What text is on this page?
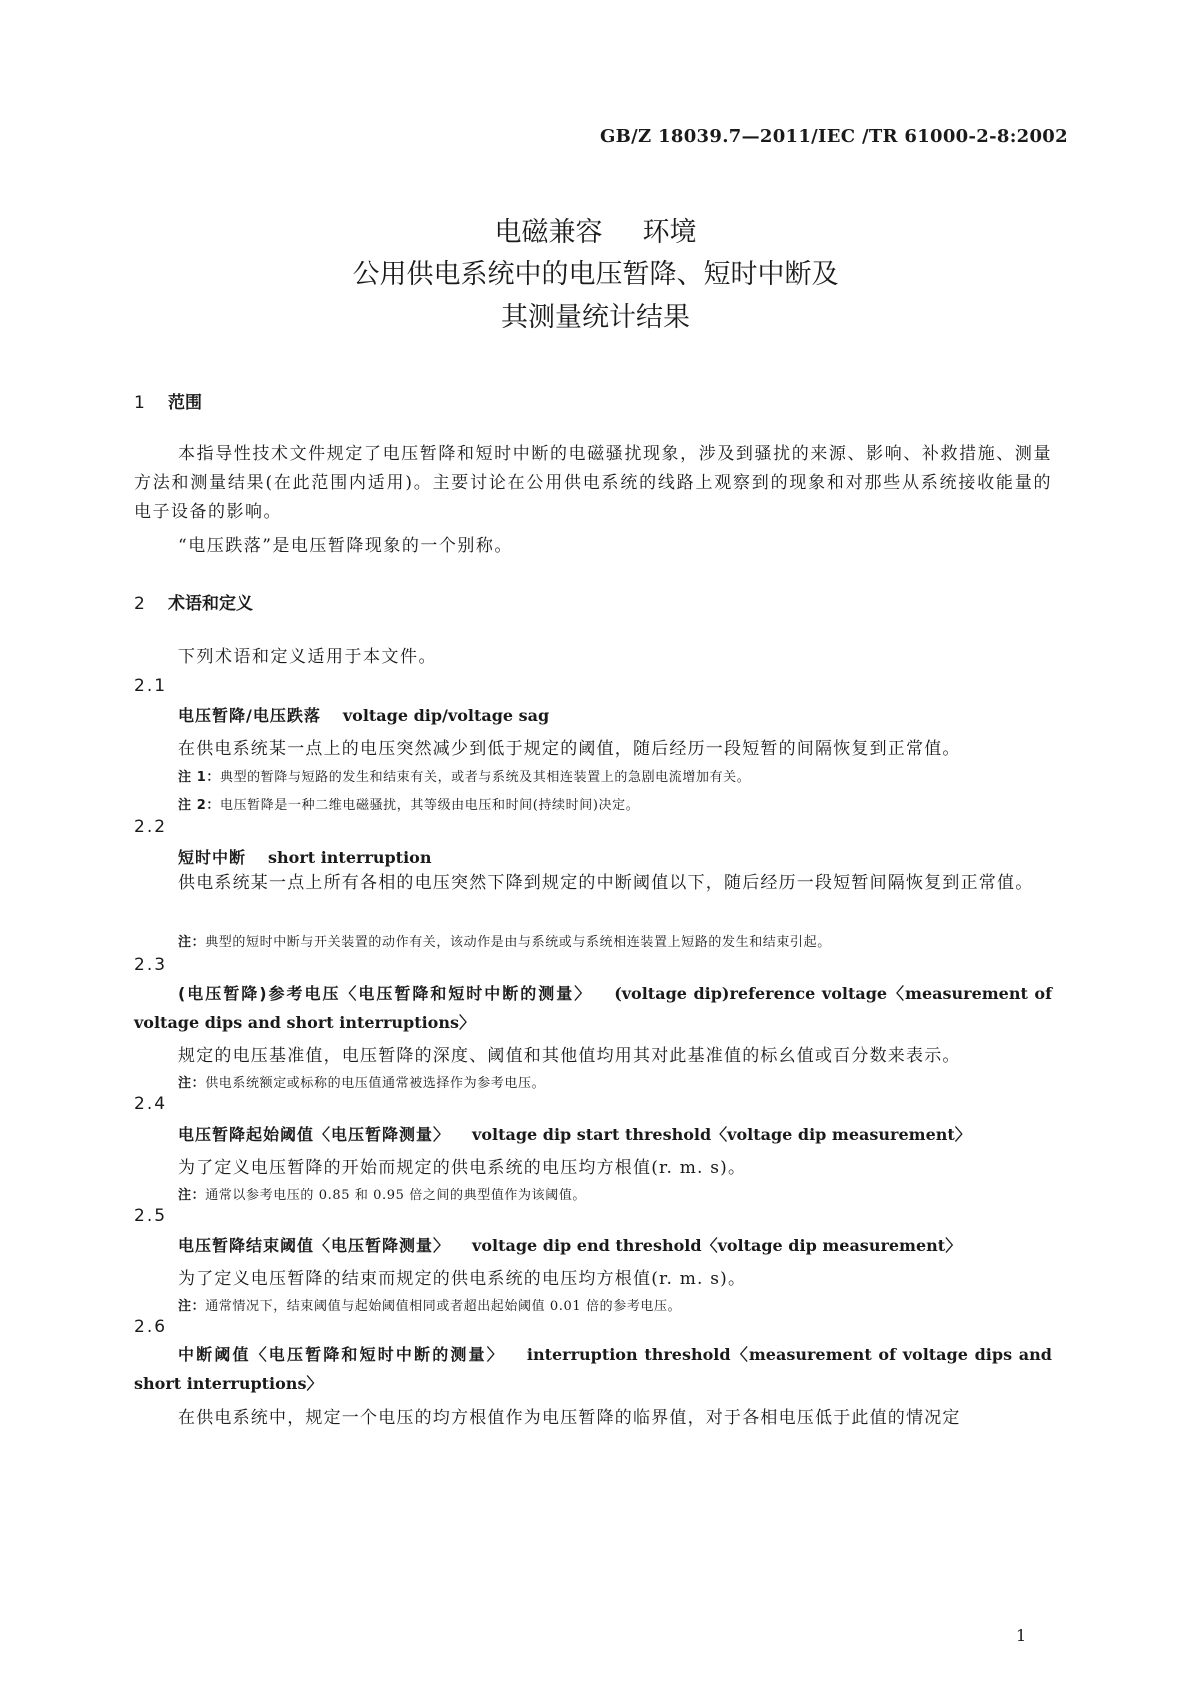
GB/Z 18039.7—2011/IEC /TR 61000-2-8:2002
电磁兼容 环境
公用供电系统中的电压暂降、短时中断及
其测量统计结果
1 范围
本指导性技术文件规定了电压暂降和短时中断的电磁骚扰现象，涉及到骚扰的来源、影响、补救措施、测量方法和测量结果(在此范围内适用)。主要讨论在公用供电系统的线路上观察到的现象和对那些从系统接收能量的电子设备的影响。
“电压跌落”是电压暂降现象的一个别称。
2 术语和定义
下列术语和定义适用于本文件。
2.1
电压暂降/电压跌落 voltage dip/voltage sag
在供电系统某一点上的电压突然减少到低于规定的阈值，随后经历一段短暂的间隔恢复到正常值。
注 1：典型的暂降与短路的发生和结束有关，或者与系统及其相连装置上的急剧电流增加有关。
注 2：电压暂降是一种二维电磁骚扰，其等级由电压和时间(持续时间)决定。
2.2
短时中断 short interruption
供电系统某一点上所有各相的电压突然下降到规定的中断阈值以下，随后经历一段短暂间隔恢复到正常值。
注：典型的短时中断与开关装置的动作有关，该动作是由与系统或与系统相连装置上短路的发生和结束引起。
2.3
(电压暂降)参考电压〈电压暂降和短时中断的测量〉 (voltage dip)reference voltage〈measurement of voltage dips and short interruptions〉
规定的电压基准值，电压暂降的深度、阈值和其他值均用其对此基准值的标幺值或百分数来表示。
注：供电系统额定或标称的电压值通常被选择作为参考电压。
2.4
电压暂降起始阈值〈电压暂降测量〉 voltage dip start threshold〈voltage dip measurement〉
为了定义电压暂降的开始而规定的供电系统的电压均方根值(r. m. s)。
注：通常以参考电压的 0.85 和 0.95 倍之间的典型值作为该阈值。
2.5
电压暂降结束阈值〈电压暂降测量〉 voltage dip end threshold〈voltage dip measurement〉
为了定义电压暂降的结束而规定的供电系统的电压均方根值(r. m. s)。
注：通常情况下，结束阈值与起始阈值相同或者超出起始阈值 0.01 倍的参考电压。
2.6
中断阈值〈电压暂降和短时中断的测量〉 interruption threshold〈measurement of voltage dips and short interruptions〉
在供电系统中，规定一个电压的均方根值作为电压暂降的临界值，对于各相电压低于此值的情况定
1
